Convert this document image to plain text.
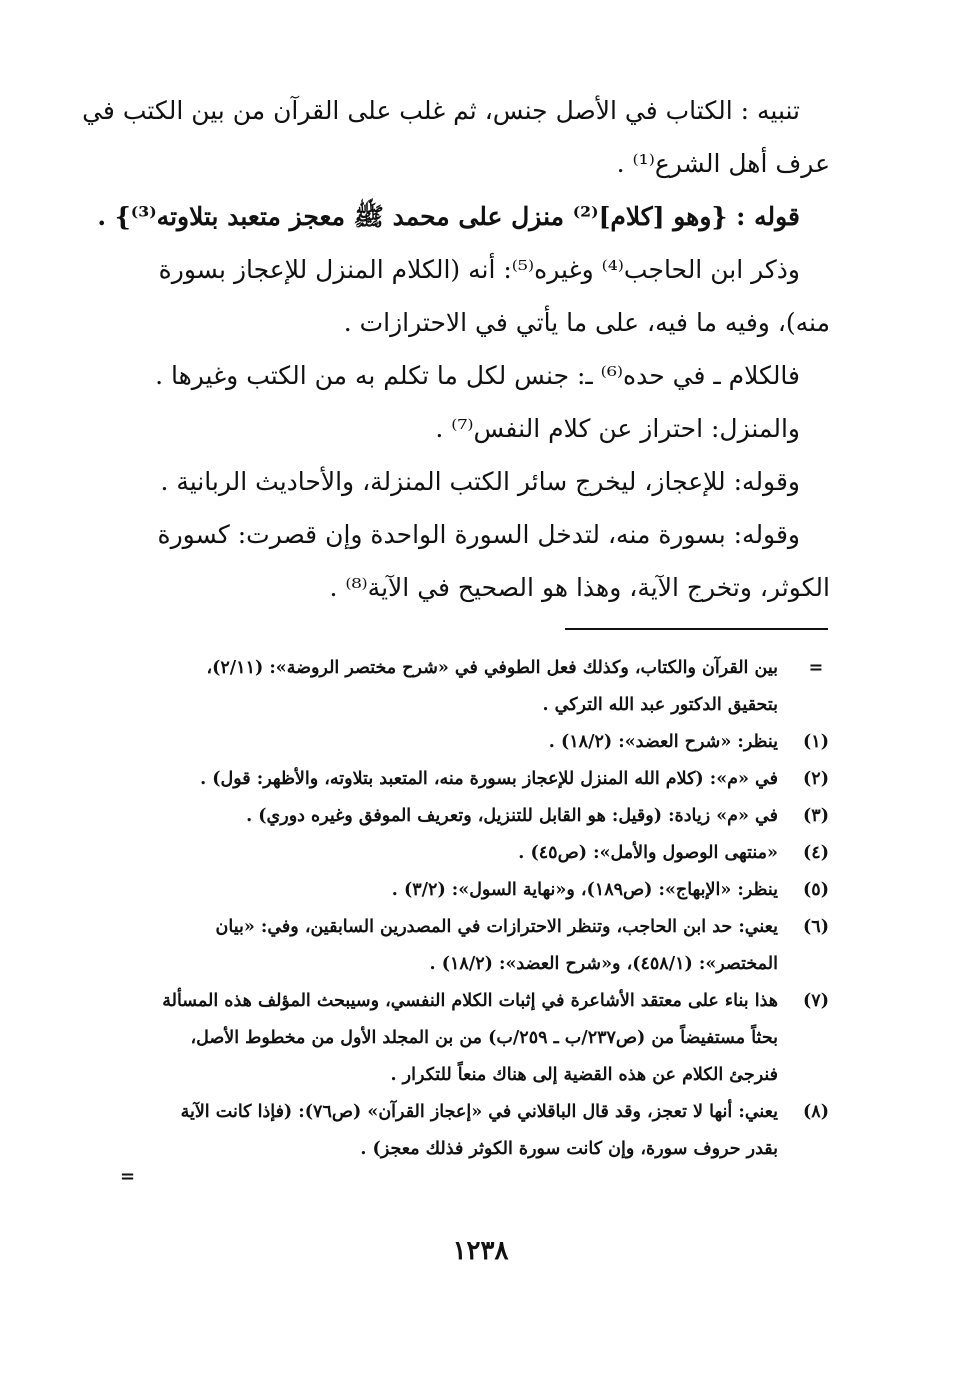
تنبيه : الكتاب في الأصل جنس، ثم غلب على القرآن من بين الكتب في
عرف أهل الشرع⁽¹⁾ .
قوله : {وهو [كلام]⁽²⁾ منزل على محمد ﷺ معجز متعبد بتلاوته⁽³⁾} .
وذكر ابن الحاجب⁽⁴⁾ وغيره⁽⁵⁾: أنه (الكلام المنزل للإعجاز بسورة
منه)، وفيه ما فيه، على ما يأتي في الاحترازات .
فالكلام ـ في حده⁽⁶⁾ ـ: جنس لكل ما تكلم به من الكتب وغيرها .
والمنزل: احتراز عن كلام النفس⁽⁷⁾ .
وقوله: للإعجاز، ليخرج سائر الكتب المنزلة، والأحاديث الربانية .
وقوله: بسورة منه، لتدخل السورة الواحدة وإن قصرت: كسورة
الكوثر، وتخرج الآية، وهذا هو الصحيح في الآية⁽⁸⁾ .
=
بين القرآن والكتاب، وكذلك فعل الطوفي في «شرح مختصر الروضة»: (٢/١١)،
بتحقيق الدكتور عبد الله التركي .
(١)
ينظر: «شرح العضد»: (١٨/٢) .
(٢)
في «م»: (كلام الله المنزل للإعجاز بسورة منه، المتعبد بتلاوته، والأظهر: قول) .
(٣)
في «م» زيادة: (وقيل: هو القابل للتنزيل، وتعريف الموفق وغيره دوري) .
(٤)
«منتهى الوصول والأمل»: (ص٤٥) .
(٥)
ينظر: «الإبهاج»: (ص١٨٩)، و«نهاية السول»: (٣/٢) .
(٦)
يعني: حد ابن الحاجب، وتنظر الاحترازات في المصدرين السابقين، وفي: «بيان
المختصر»: (٤٥٨/١)، و«شرح العضد»: (١٨/٢) .
(٧)
هذا بناء على معتقد الأشاعرة في إثبات الكلام النفسي، وسيبحث المؤلف هذه المسألة
بحثاً مستفيضاً من (ص٢٣٧/ب ـ ٢٥٩/ب) من بن المجلد الأول من مخطوط الأصل،
فنرجئ الكلام عن هذه القضية إلى هناك منعاً للتكرار .
(٨)
يعني: أنها لا تعجز، وقد قال الباقلاني في «إعجاز القرآن» (ص٧٦): (فإذا كانت الآية
بقدر حروف سورة، وإن كانت سورة الكوثر فذلك معجز) .
=
١٢٣٨
